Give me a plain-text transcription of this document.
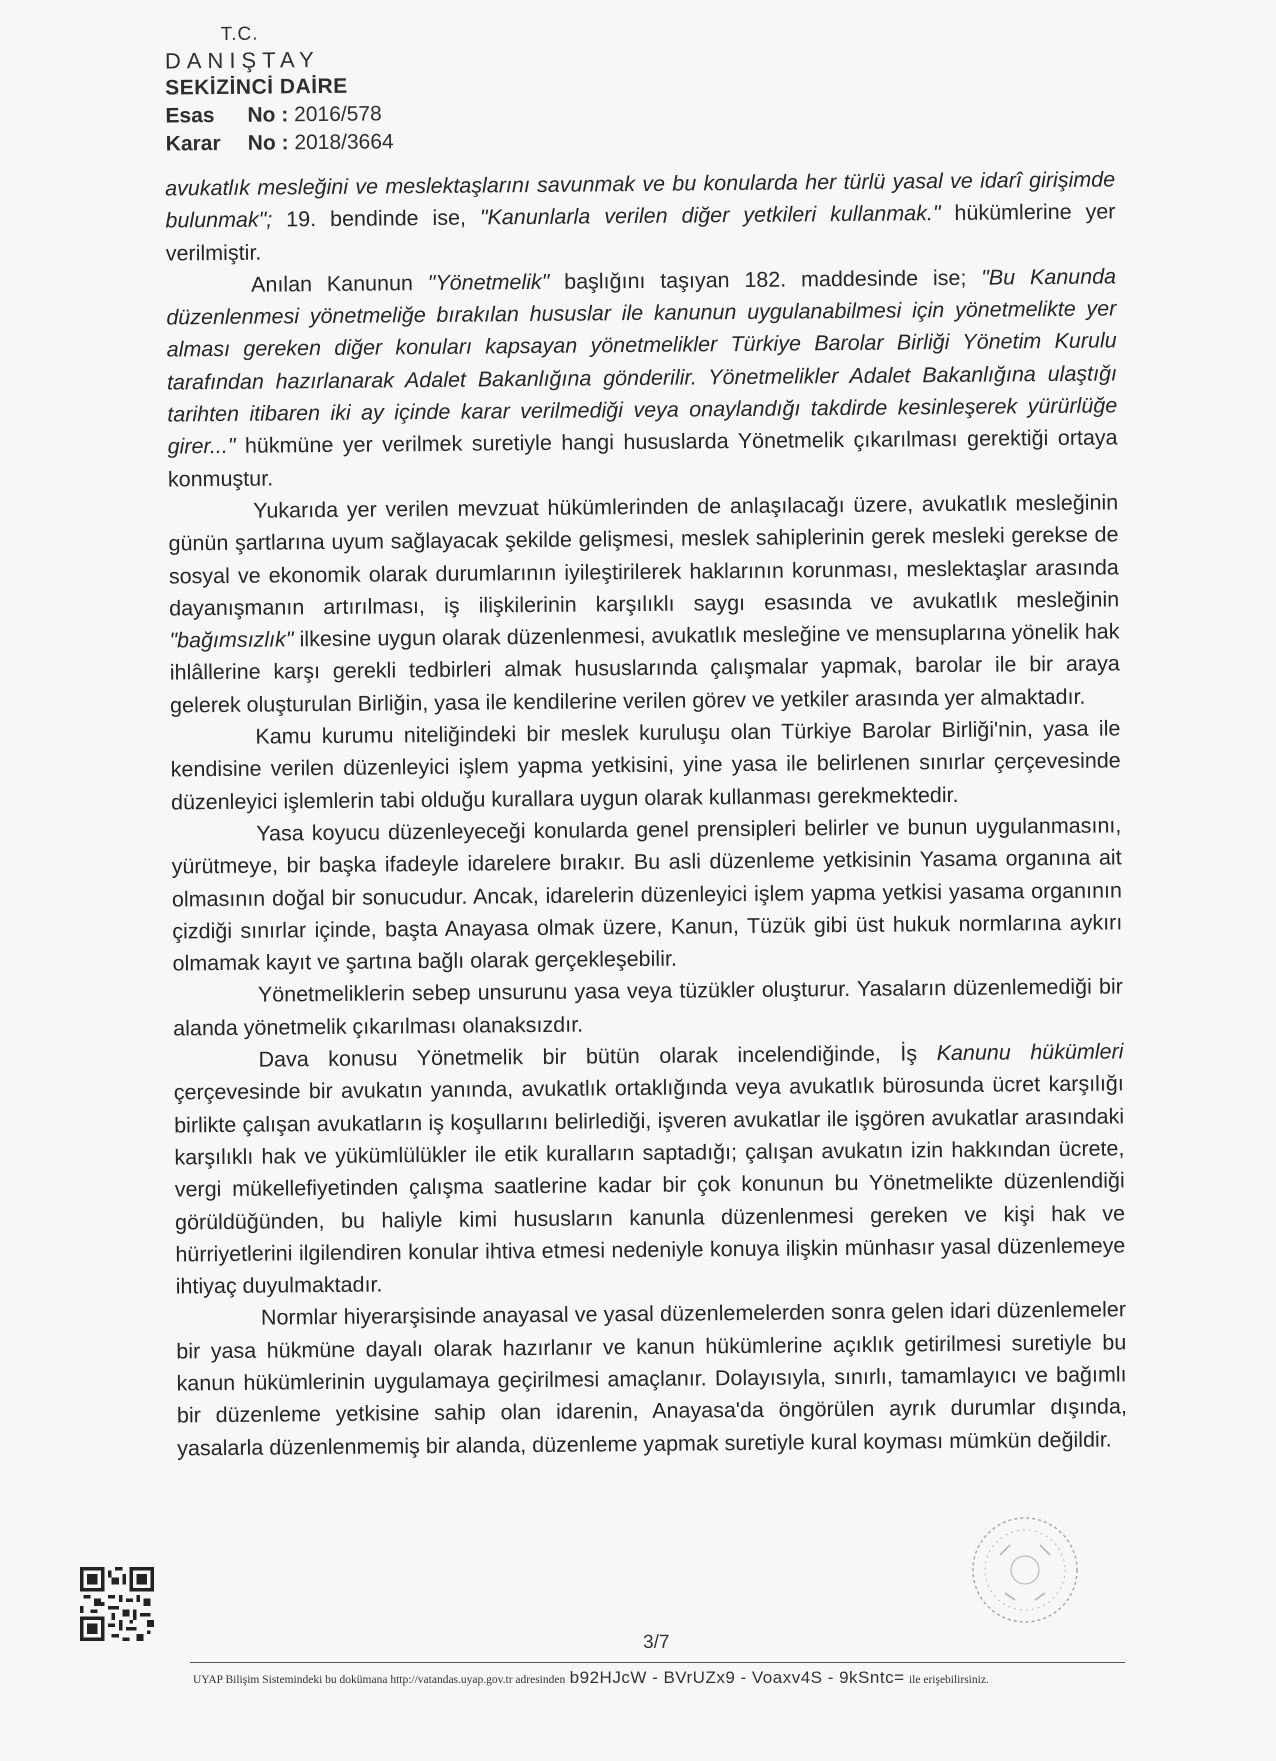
T.C.
DANIŞTAY
SEKİZİNCİ DAİRE
Esas No : 2016/578
Karar No : 2018/3664

avukatlık mesleğini ve meslektaşlarını savunmak ve bu konularda her türlü yasal ve idarî girişimde bulunmak"; 19. bendinde ise, "Kanunlarla verilen diğer yetkileri kullanmak." hükümlerine yer verilmiştir.

Anılan Kanunun "Yönetmelik" başlığını taşıyan 182. maddesinde ise; "Bu Kanunda düzenlenmesi yönetmeliğe bırakılan hususlar ile kanunun uygulanabilmesi için yönetmelikte yer alması gereken diğer konuları kapsayan yönetmelikler Türkiye Barolar Birliği Yönetim Kurulu tarafından hazırlanarak Adalet Bakanlığına gönderilir. Yönetmelikler Adalet Bakanlığına ulaştığı tarihten itibaren iki ay içinde karar verilmediği veya onaylandığı takdirde kesinleşerek yürürlüğe girer..." hükmüne yer verilmek suretiyle hangi hususlarda Yönetmelik çıkarılması gerektiği ortaya konmuştur.

Yukarıda yer verilen mevzuat hükümlerinden de anlaşılacağı üzere, avukatlık mesleğinin günün şartlarına uyum sağlayacak şekilde gelişmesi, meslek sahiplerinin gerek mesleki gerekse de sosyal ve ekonomik olarak durumlarının iyileştirilerek haklarının korunması, meslektaşlar arasında dayanışmanın artırılması, iş ilişkilerinin karşılıklı saygı esasında ve avukatlık mesleğinin "bağımsızlık" ilkesine uygun olarak düzenlenmesi, avukatlık mesleğine ve mensuplarına yönelik hak ihlâllerine karşı gerekli tedbirleri almak hususlarında çalışmalar yapmak, barolar ile bir araya gelerek oluşturulan Birliğin, yasa ile kendilerine verilen görev ve yetkiler arasında yer almaktadır.

Kamu kurumu niteliğindeki bir meslek kuruluşu olan Türkiye Barolar Birliği'nin, yasa ile kendisine verilen düzenleyici işlem yapma yetkisini, yine yasa ile belirlenen sınırlar çerçevesinde düzenleyici işlemlerin tabi olduğu kurallara uygun olarak kullanması gerekmektedir.

Yasa koyucu düzenleyeceği konularda genel prensipleri belirler ve bunun uygulanmasını, yürütmeye, bir başka ifadeyle idarelere bırakır. Bu asli düzenleme yetkisinin Yasama organına ait olmasının doğal bir sonucudur. Ancak, idarelerin düzenleyici işlem yapma yetkisi yasama organının çizdiği sınırlar içinde, başta Anayasa olmak üzere, Kanun, Tüzük gibi üst hukuk normlarına aykırı olmamak kayıt ve şartına bağlı olarak gerçekleşebilir.

Yönetmeliklerin sebep unsurunu yasa veya tüzükler oluşturur. Yasaların düzenlemediği bir alanda yönetmelik çıkarılması olanaksızdır.

Dava konusu Yönetmelik bir bütün olarak incelendiğinde, İş Kanunu hükümleri çerçevesinde bir avukatın yanında, avukatlık ortaklığında veya avukatlık bürosunda ücret karşılığı birlikte çalışan avukatların iş koşullarını belirlediği, işveren avukatlar ile işgören avukatlar arasındaki karşılıklı hak ve yükümlülükler ile etik kuralların saptadığı; çalışan avukatın izin hakkından ücrete, vergi mükellefiyetinden çalışma saatlerine kadar bir çok konunun bu Yönetmelikte düzenlendiği görüldüğünden, bu haliyle kimi hususların kanunla düzenlenmesi gereken ve kişi hak ve hürriyetlerini ilgilendiren konular ihtiva etmesi nedeniyle konuya ilişkin münhasır yasal düzenlemeye ihtiyaç duyulmaktadır.

Normlar hiyerarşisinde anayasal ve yasal düzenlemelerden sonra gelen idari düzenlemeler bir yasa hükmüne dayalı olarak hazırlanır ve kanun hükümlerine açıklık getirilmesi suretiyle bu kanun hükümlerinin uygulamaya geçirilmesi amaçlanır. Dolayısıyla, sınırlı, tamamlayıcı ve bağımlı bir düzenleme yetkisine sahip olan idarenin, Anayasa'da öngörülen ayrık durumlar dışında, yasalarla düzenlenmemiş bir alanda, düzenleme yapmak suretiyle kural koyması mümkün değildir.

3/7
UYAP Bilişim Sistemindeki bu dokümana http://vatandas.uyap.gov.tr adresinden b92HJcW - BVrUZx9 - Voaxv4S - 9kSntc= ile erişebilirsiniz.
